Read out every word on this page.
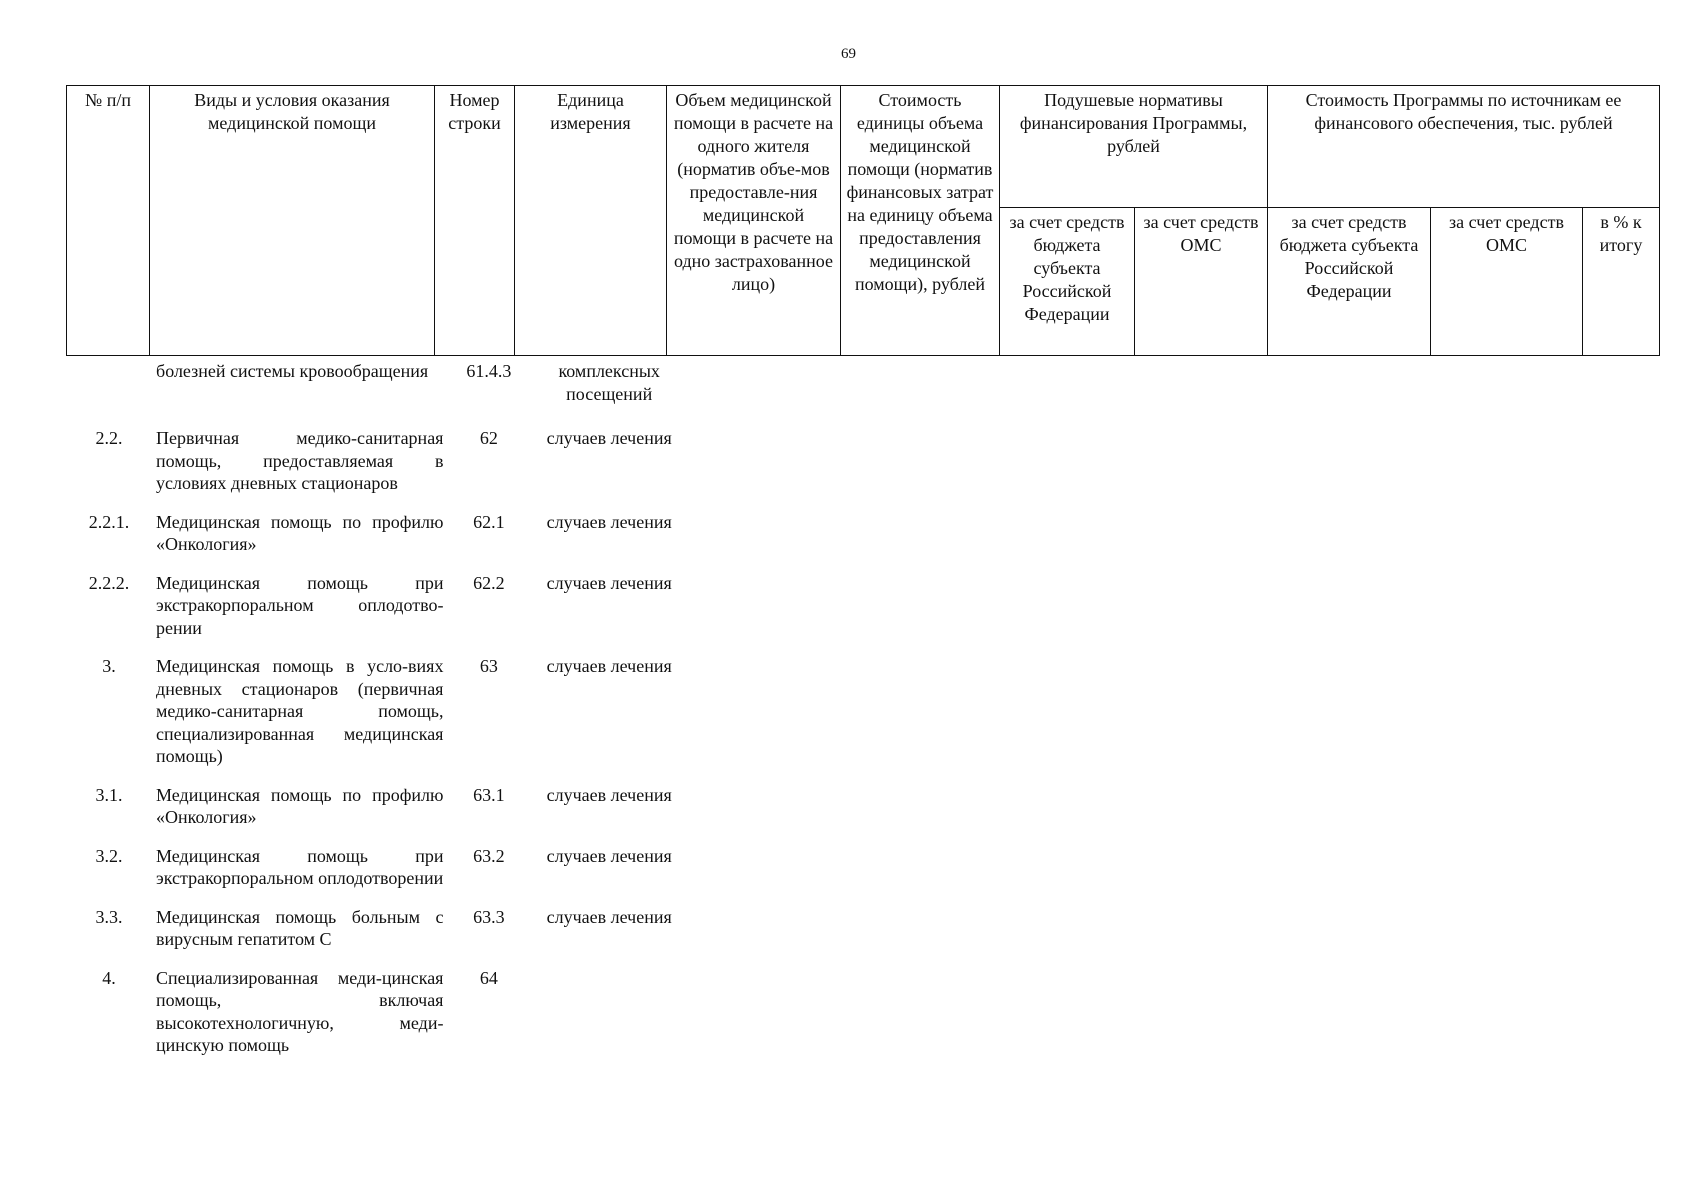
69
№ п/п	Виды и условия оказания медицинской помощи	Номер строки	Единица измерения	Объем медицинской помощи в расчете на одного жителя (норматив объе-мов предоставле-ния медицинской помощи в расчете на одно застрахованное лицо)	Стоимость единицы объема медицинской помощи (норматив финансовых затрат на единицу объема предоставления медицинской помощи), рублей	Подушевые нормативы финансирования Программы, рублей		Стоимость Программы по источникам ее финансового обеспечения, тыс. рублей		
						за счет средств бюджета субъекта Российской Федерации	за счет средств ОМС	за счет средств бюджета субъекта Российской Федерации	за счет средств ОМС	в % к итогу
	болезней системы кровообращения	61.4.3	комплексных посещений
2.2.	Первичная медико-санитарная помощь, предоставляемая в условиях дневных стационаров	62	случаев лечения
2.2.1.	Медицинская помощь по профилю «Онкология»	62.1	случаев лечения
2.2.2.	Медицинская помощь при экстракорпоральном оплодотво-рении	62.2	случаев лечения
3.	Медицинская помощь в усло-виях дневных стационаров (первичная медико-санитарная помощь, специализированная медицинская помощь)	63	случаев лечения
3.1.	Медицинская помощь по профилю «Онкология»	63.1	случаев лечения
3.2.	Медицинская помощь при экстракорпоральном оплодотворении	63.2	случаев лечения
3.3.	Медицинская помощь больным с вирусным гепатитом С	63.3	случаев лечения
4.	Специализированная меди-цинская помощь, включая высокотехнологичную, меди-цинскую помощь	64	
